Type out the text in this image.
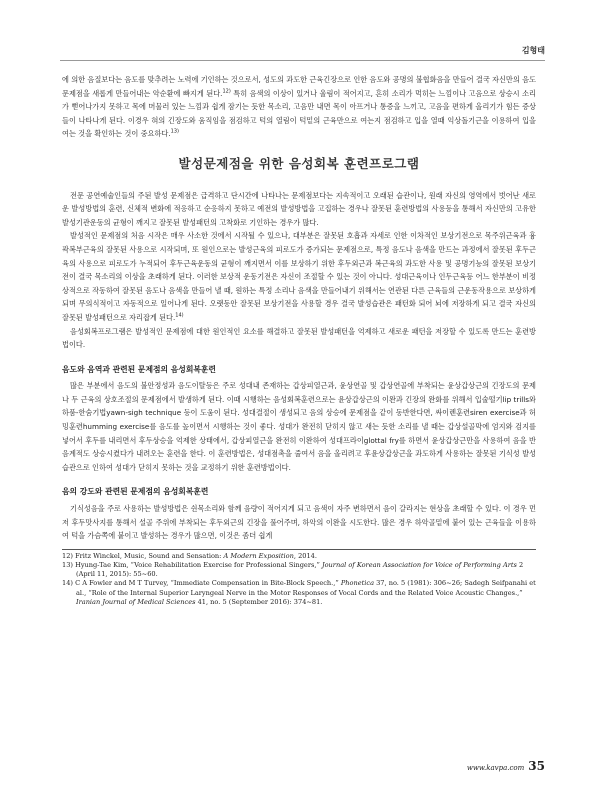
김형태

에 의한 음질보다는 음도를 맞추려는 노력에 기인하는 것으로서, 성도의 과도한 근육긴장으로 인한 음도와 공명의 불협화음을 만들어 결국 자신만의 음도 문제점을 새롭게 만들어내는 악순환에 빠지게 된다.$^{12)}$ 특히 음색의 이상이 있거나 울림이 적어지고, 흔히 소리가 먹히는 느낌이나 고음으로 상승시 소리가 뻗어나가지 못하고 목에 머물러 있는 느낌과 쉽게 잠기는 듯한 목소리, 고음만 내면 목이 아프거나 통증을 느끼고, 고음을 편하게 올리기가 힘든 증상들이 나타나게 된다. 이경우 혀의 긴장도와 움직임을 점검하고 턱의 열림이 턱밑의 근육만으로 여는지 점검하고 입을 열때 익상돌기근을 이용하여 입을 여는 것을 확인하는 것이 중요하다.$^{13)}$

발성문제점을 위한 음성회복 훈련프로그램

전문 공연예술인들의 주된 발성 문제점은 급격하고 단시간에 나타나는 문제점보다는 지속적이고 오래된 습관이나, 원래 자신의 영역에서 벗어난 새로운 발성방법의 훈련, 신체적 변화에 적응하고 순응하지 못하고 예전의 발성방법을 고집하는 경우나 잘못된 훈련방법의 사용등을 통해서 자신만의 고유한 발성기관운동의 균형이 깨지고 잘못된 발성패턴의 고착화로 기인하는 경우가 많다.

발성적인 문제점의 처음 시작은 매우 사소한 것에서 시작될 수 있으나, 대부분은 잘못된 호흡과 자세로 인한 이차적인 보상기전으로 목주위근육과 흉곽복부근육의 잘못된 사용으로 시작되며, 또 원인으로는 발성근육의 피로도가 증가되는 문제점으로, 특정 음도나 음색을 만드는 과정에서 잘못된 후두근육의 사용으로 피로도가 누적되어 후두근육운동의 균형이 깨지면서 이를 보상하기 위한 후두외근과 복근육의 과도한 사용 및 공명기능의 잘못된 보상기전이 결국 목소리의 이상을 초래하게 된다. 이러한 보상적 운동기전은 자신이 조절할 수 있는 것이 아니다. 성대근육이나 인두근육등 어느 한부분이 비정상적으로 작동하여 잘못된 음도나 음색을 만들어 낼 때, 원하는 특정 소리나 음색을 만들어내기 위해서는 연관된 다른 근육들의 근운동작용으로 보상하게 되며 무의식적이고 자동적으로 일어나게 된다. 오랫동안 잘못된 보상기전을 사용할 경우 결국 발성습관은 패턴화 되어 뇌에 저장하게 되고 결국 자신의 잘못된 발성패턴으로 자리잡게 된다.$^{14)}$

음성회복프로그램은 발성적인 문제점에 대한 원인적인 요소를 해결하고 잘못된 발성패턴을 억제하고 새로운 패턴을 저장할 수 있도록 만드는 훈련방법이다.

음도와 음역과 관련된 문제점의 음성회복훈련

많은 부분에서 음도의 불안정성과 음도이탈등은 주로 성대내 존재하는 갑상피열근과, 윤상연골 및 갑상연골에 부착되는 윤상갑상근의 긴장도의 문제나 두 근육의 상호조절의 문제점에서 발생하게 된다. 이때 시행하는 음성회복훈련으로는 윤상갑상근의 이완과 긴장의 완화를 위해서 입술떨기lip trills와 하품-한숨기법yawn-sigh technique 등이 도움이 된다. 성대결절이 생성되고 음의 상승에 문제점을 같이 동반한다면, 싸이렌훈련siren exercise과 허밍훈련humming exercise를 음도를 높이면서 시행하는 것이 좋다. 성대가 완전히 닫히지 않고 새는 듯한 소리를 낼 때는 갑상설골막에 엄지와 검지를 넣어서 후두를 내리면서 후두상승을 억제한 상태에서, 갑상피열근을 완전히 이완하여 성대프라이glottal fry를 하면서 윤상갑상근만을 사용하여 음을 반음계적도 상승시켰다가 내려오는 훈련을 한다. 이 훈련방법은, 성대점촉을 줄여서 음을 올리려고 후윤상갑상근을 과도하게 사용하는 잘못된 기식성 발성습관으로 인하여 성대가 닫히지 못하는 것을 교정하기 위한 훈련방법이다.

음의 강도와 관련된 문제점의 음성회복훈련

기식성음을 주로 사용하는 발성방법은 쉰목소리와 함께 음량이 적어지게 되고 음색이 자주 변하면서 음이 갈라지는 현상을 초래할 수 있다. 이 경우 먼저 후두맛사지를 통해서 설골 주위에 부착되는 후두외근의 긴장을 풀어주며, 하악의 이완을 시도한다. 많은 경우 하악골밑에 붙어 있는 근육들을 이용하여 턱을 가슴쪽에 붙이고 발성하는 경우가 많으면, 이것은 좀더 쉽게

12) Fritz Winckel, Music, Sound and Sensation: A Modern Exposition, 2014.
13) Hyung-Tae Kim, “Voice Rehabilitation Exercise for Professional Singers,” Journal of Korean Association for Voice of Performing Arts 2 (April 11, 2015): 55~60.
14) C A Fowler and M T Turvey, “Immediate Compensation in Bite-Block Speech.,” Phonetica 37, no. 5 (1981): 306~26; Sadegh Seifpanahi et al., “Role of the Internal Superior Laryngeal Nerve in the Motor Responses of Vocal Cords and the Related Voice Acoustic Changes.,” Iranian Journal of Medical Sciences 41, no. 5 (September 2016): 374~81.
www.kavpa.com 35
